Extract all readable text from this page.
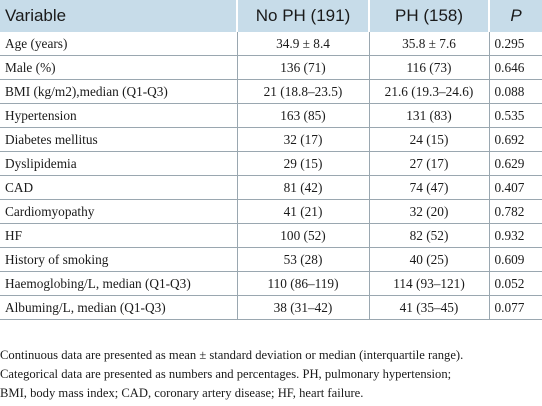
Variable	No PH (191)	PH (158)	P
Age (years)	34.9 ± 8.4	35.8 ± 7.6	0.295
Male (%)	136 (71)	116 (73)	0.646
BMI (kg/m2),median (Q1-Q3)	21 (18.8–23.5)	21.6 (19.3–24.6)	0.088
Hypertension	163 (85)	131 (83)	0.535
Diabetes mellitus	32 (17)	24 (15)	0.692
Dyslipidemia	29 (15)	27 (17)	0.629
CAD	81 (42)	74 (47)	0.407
Cardiomyopathy	41 (21)	32 (20)	0.782
HF	100 (52)	82 (52)	0.932
History of smoking	53 (28)	40 (25)	0.609
Haemoglobing/L, median (Q1-Q3)	110 (86–119)	114 (93–121)	0.052
Albuming/L, median (Q1-Q3)	38 (31–42)	41 (35–45)	0.077

Continuous data are presented as mean ± standard deviation or median (interquartile range).
Categorical data are presented as numbers and percentages. PH, pulmonary hypertension;
BMI, body mass index; CAD, coronary artery disease; HF, heart failure.
